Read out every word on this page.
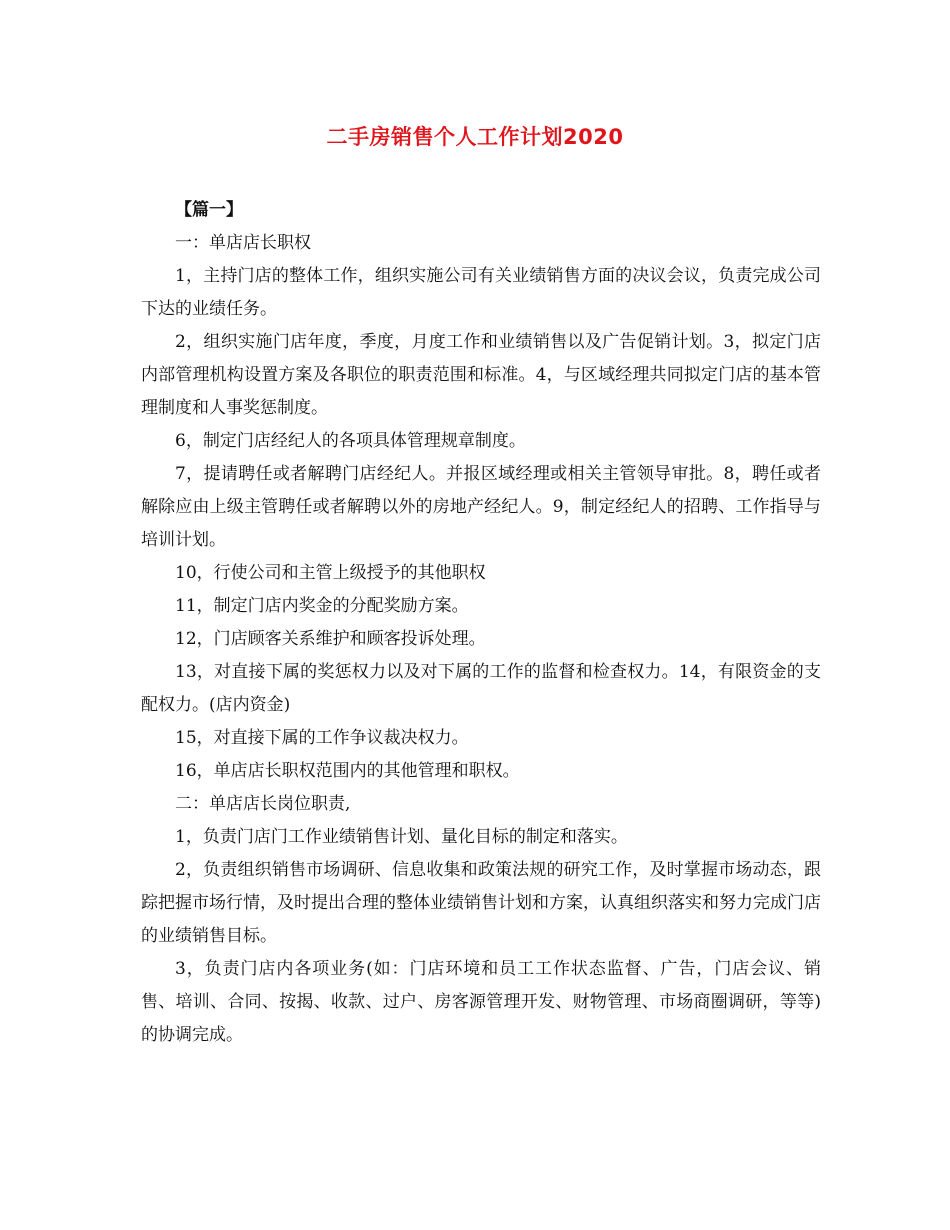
二手房销售个人工作计划2020

【篇一】

一：单店店长职权

1，主持门店的整体工作，组织实施公司有关业绩销售方面的决议会议，负责完成公司下达的业绩任务。

2，组织实施门店年度，季度，月度工作和业绩销售以及广告促销计划。3，拟定门店内部管理机构设置方案及各职位的职责范围和标准。4，与区域经理共同拟定门店的基本管理制度和人事奖惩制度。

6，制定门店经纪人的各项具体管理规章制度。

7，提请聘任或者解聘门店经纪人。并报区域经理或相关主管领导审批。8，聘任或者解除应由上级主管聘任或者解聘以外的房地产经纪人。9，制定经纪人的招聘、工作指导与培训计划。

10，行使公司和主管上级授予的其他职权

11，制定门店内奖金的分配奖励方案。

12，门店顾客关系维护和顾客投诉处理。

13，对直接下属的奖惩权力以及对下属的工作的监督和检查权力。14，有限资金的支配权力。(店内资金)

15，对直接下属的工作争议裁决权力。

16，单店店长职权范围内的其他管理和职权。

二：单店店长岗位职责,

1，负责门店门工作业绩销售计划、量化目标的制定和落实。

2，负责组织销售市场调研、信息收集和政策法规的研究工作，及时掌握市场动态，跟踪把握市场行情，及时提出合理的整体业绩销售计划和方案，认真组织落实和努力完成门店的业绩销售目标。

3，负责门店内各项业务(如：门店环境和员工工作状态监督、广告，门店会议、销售、培训、合同、按揭、收款、过户、房客源管理开发、财物管理、市场商圈调研，等等)的协调完成。
